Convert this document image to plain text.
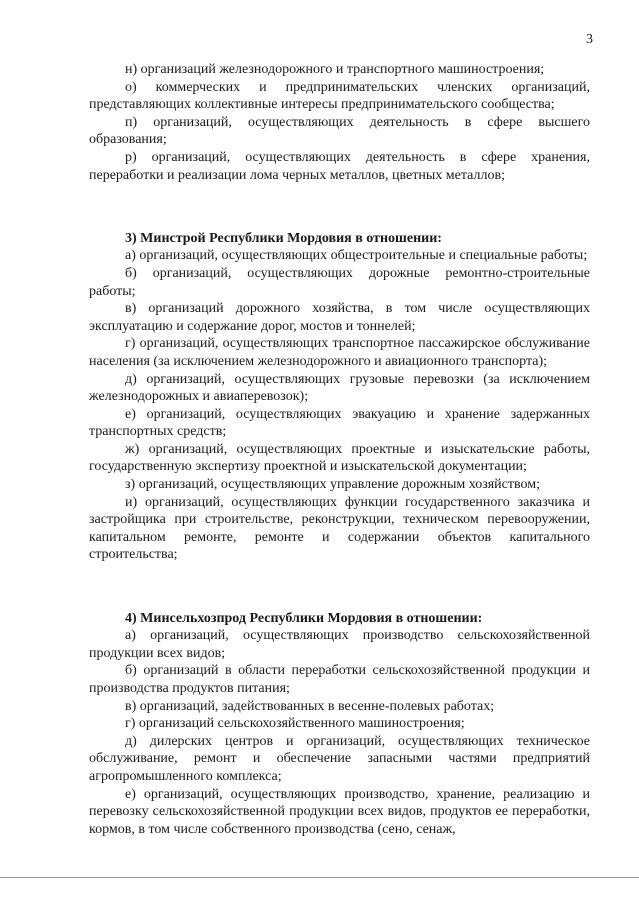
3

н) организаций железнодорожного и транспортного машиностроения;

о) коммерческих и предпринимательских членских организаций, представляющих коллективные интересы предпринимательского сообщества;

п) организаций, осуществляющих деятельность в сфере высшего образования;

р) организаций, осуществляющих деятельность в сфере хранения, переработки и реализации лома черных металлов, цветных металлов;

3) Минстрой Республики Мордовия в отношении:

а) организаций, осуществляющих общестроительные и специальные работы;

б) организаций, осуществляющих дорожные ремонтно-строительные работы;

в) организаций дорожного хозяйства, в том числе осуществляющих эксплуатацию и содержание дорог, мостов и тоннелей;

г) организаций, осуществляющих транспортное пассажирское обслуживание населения (за исключением железнодорожного и авиационного транспорта);

д) организаций, осуществляющих грузовые перевозки (за исключением железнодорожных и авиаперевозок);

е) организаций, осуществляющих эвакуацию и хранение задержанных транспортных средств;

ж) организаций, осуществляющих проектные и изыскательские работы, государственную экспертизу проектной и изыскательской документации;

з) организаций, осуществляющих управление дорожным хозяйством;

и) организаций, осуществляющих функции государственного заказчика и застройщика при строительстве, реконструкции, техническом перевооружении, капитальном ремонте, ремонте и содержании объектов капитального строительства;

4) Минсельхозпрод Республики Мордовия в отношении:

а) организаций, осуществляющих производство сельскохозяйственной продукции всех видов;

б) организаций в области переработки сельскохозяйственной продукции и производства продуктов питания;

в) организаций, задействованных в весенне-полевых работах;

г) организаций сельскохозяйственного машиностроения;

д) дилерских центров и организаций, осуществляющих техническое обслуживание, ремонт и обеспечение запасными частями предприятий агропромышленного комплекса;

е) организаций, осуществляющих производство, хранение, реализацию и перевозку сельскохозяйственной продукции всех видов, продуктов ее переработки, кормов, в том числе собственного производства (сено, сенаж,
